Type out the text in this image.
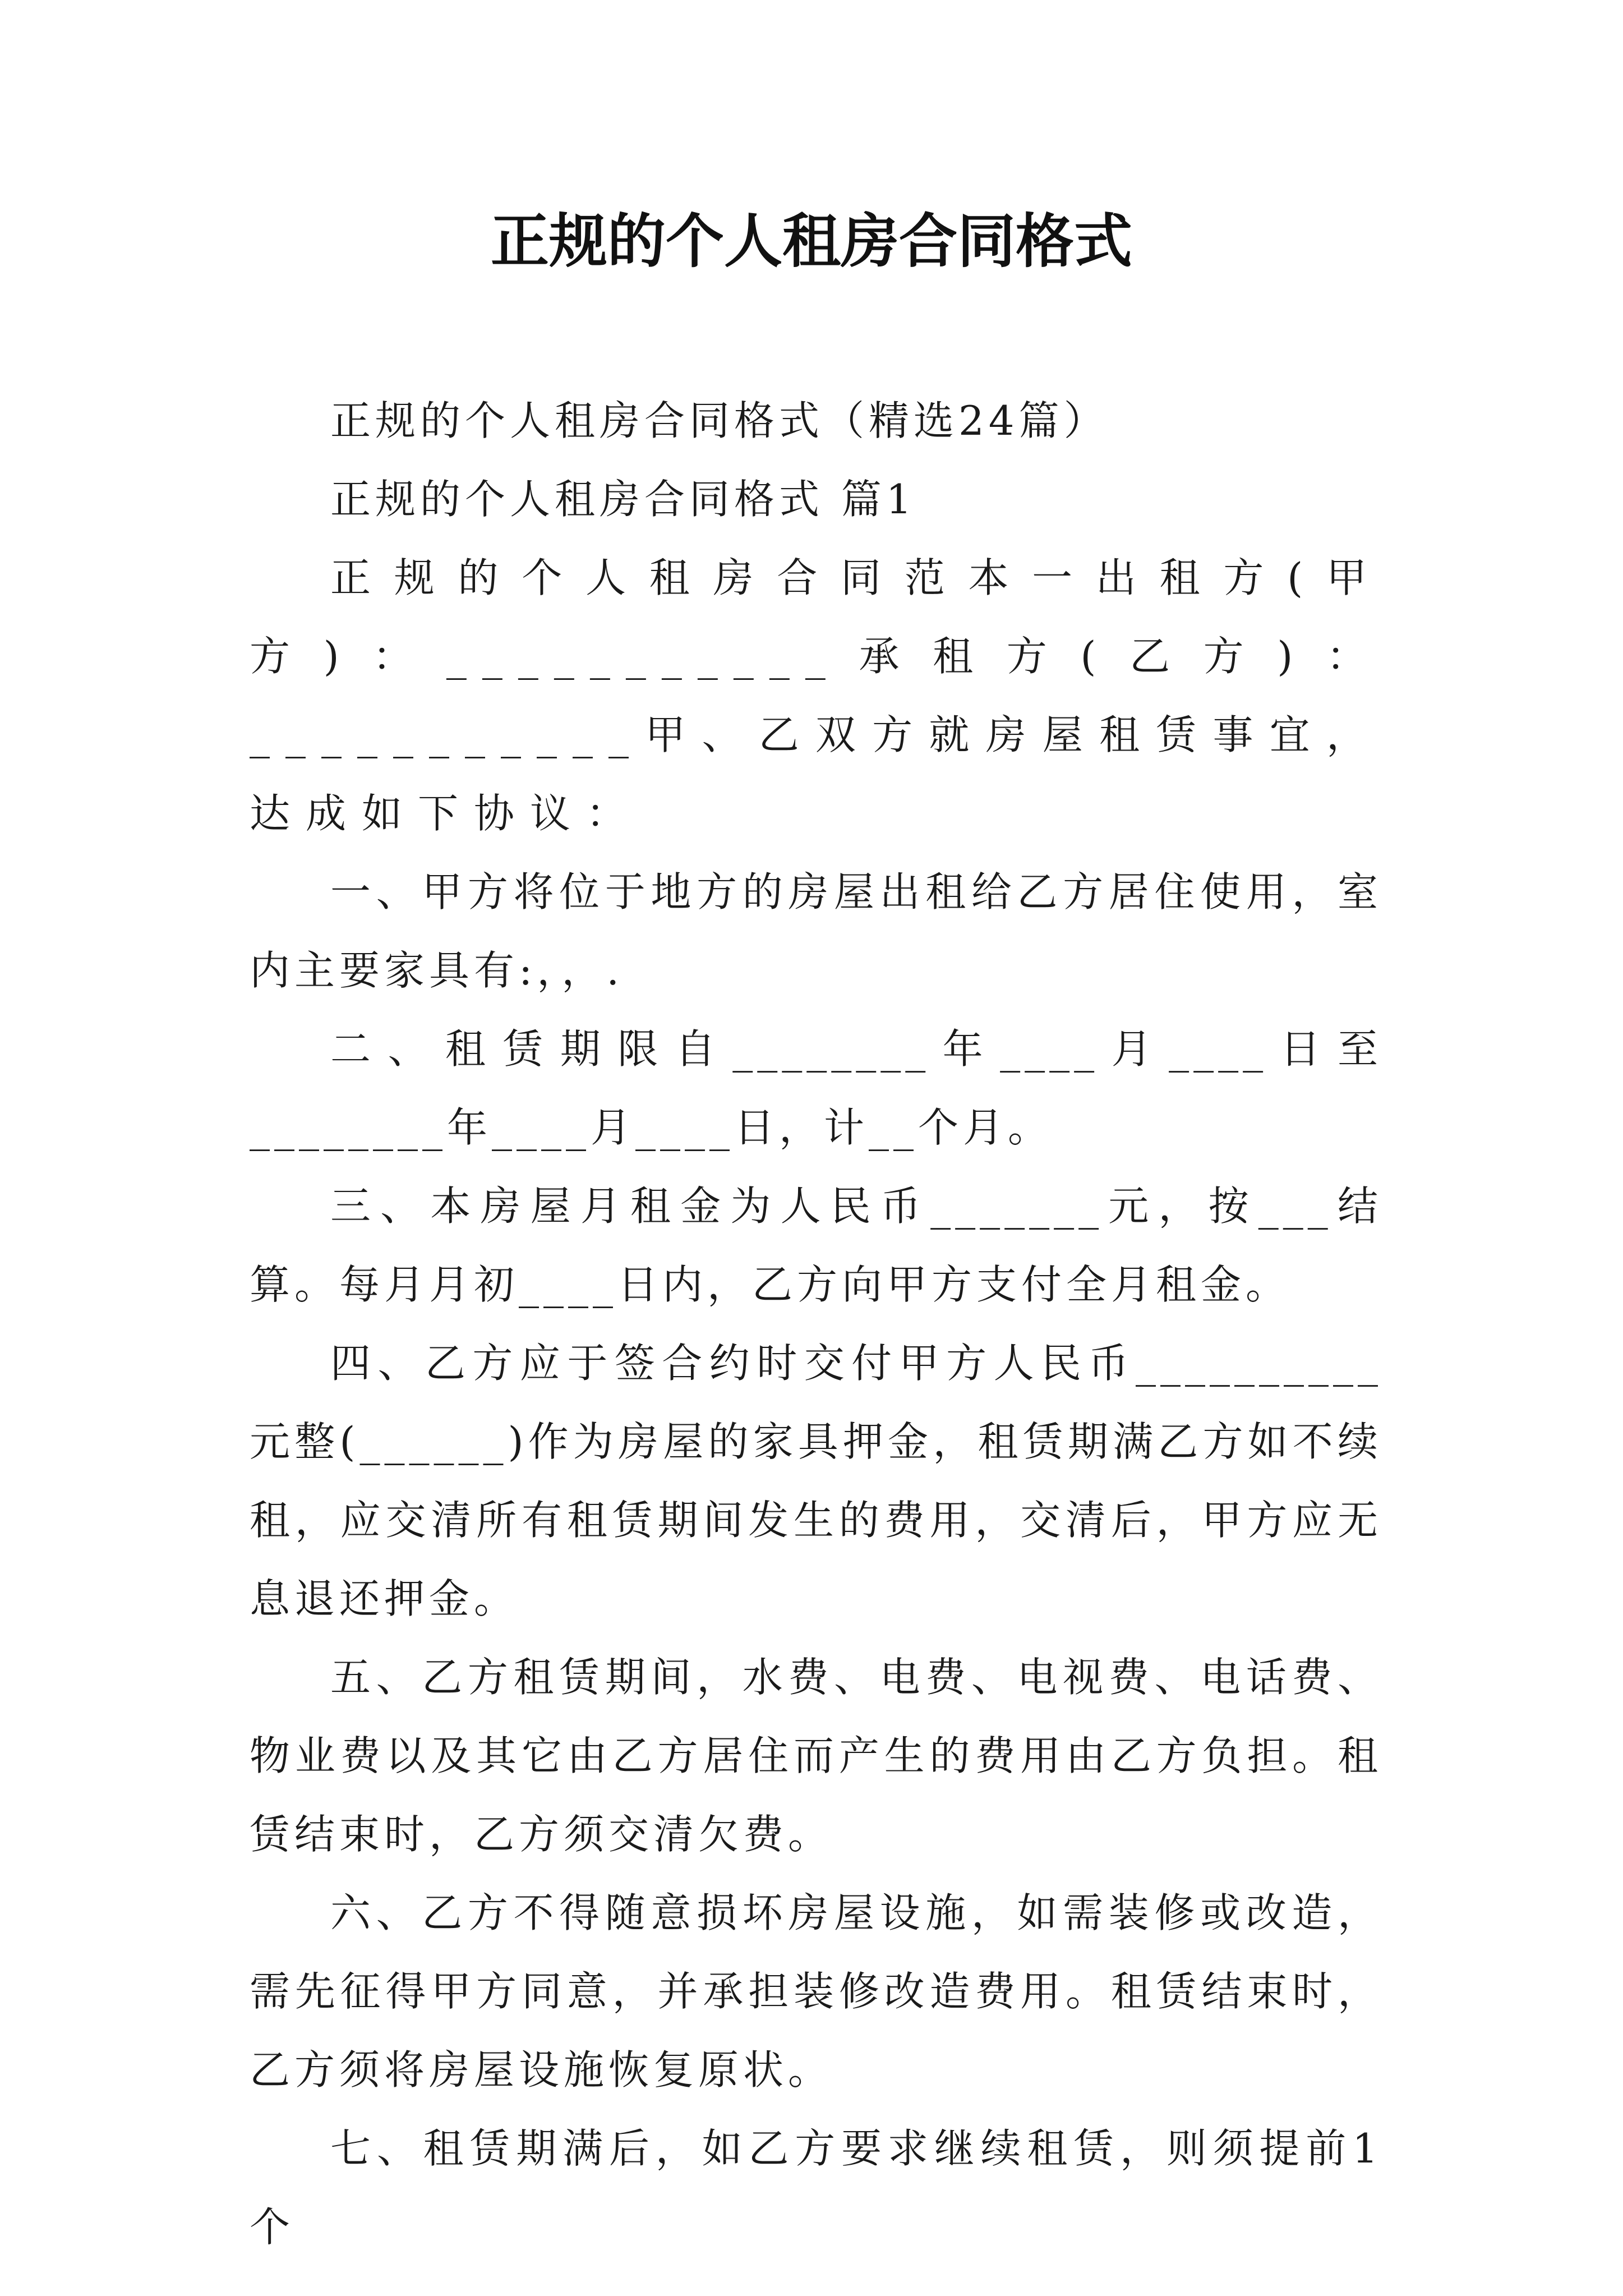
正规的个人租房合同格式

正规的个人租房合同格式（精选24篇）

正规的个人租房合同格式 篇1

正规的个人租房合同范本一出租方(甲方)：___________承租方(乙方)：___________甲、乙双方就房屋租赁事宜，达成如下协议：

一、甲方将位于地方的房屋出租给乙方居住使用，室内主要家具有:，，.

二、租赁期限自________年____月____日至________年____月____日，计__个月。

三、本房屋月租金为人民币_______元，按___结算。每月月初____日内，乙方向甲方支付全月租金。

四、乙方应于签合约时交付甲方人民币__________元整(______)作为房屋的家具押金，租赁期满乙方如不续租，应交清所有租赁期间发生的费用，交清后，甲方应无息退还押金。

五、乙方租赁期间，水费、电费、电视费、电话费、物业费以及其它由乙方居住而产生的费用由乙方负担。租赁结束时，乙方须交清欠费。

六、乙方不得随意损坏房屋设施，如需装修或改造，需先征得甲方同意，并承担装修改造费用。租赁结束时，乙方须将房屋设施恢复原状。

七、租赁期满后，如乙方要求继续租赁，则须提前1个
